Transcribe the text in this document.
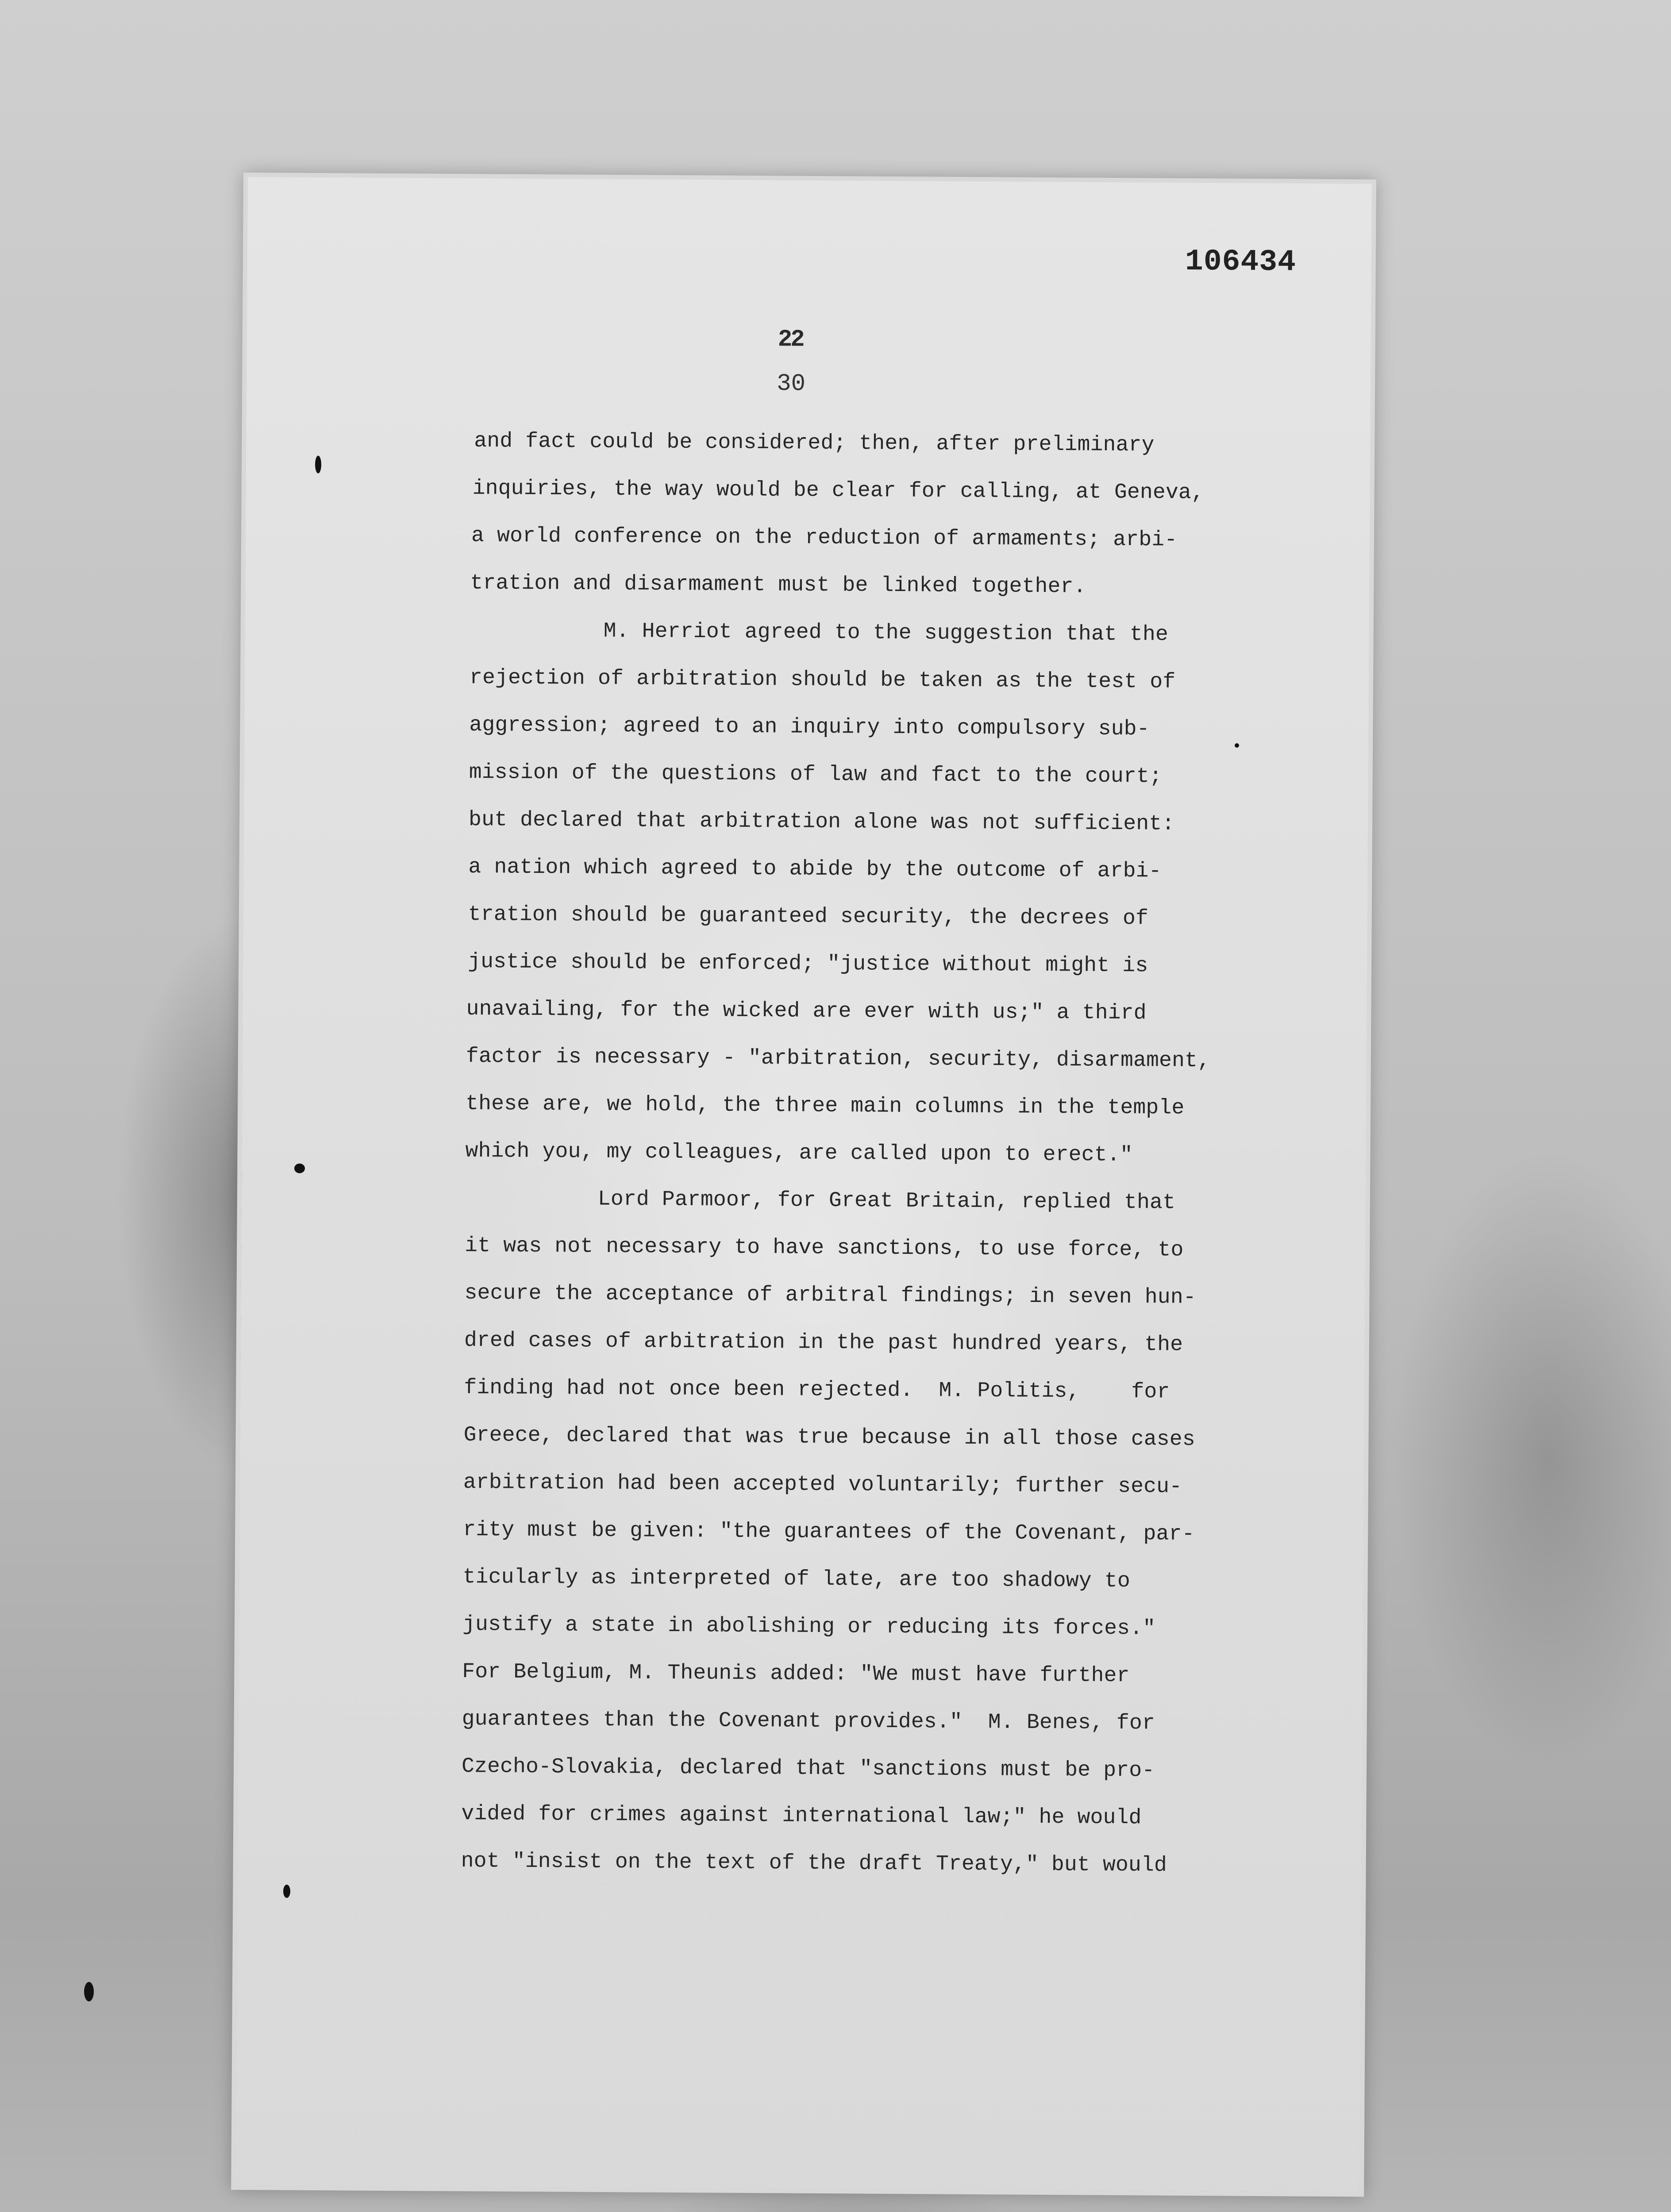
106434
22
30
and fact could be considered; then, after preliminary
inquiries, the way would be clear for calling, at Geneva,
a world conference on the reduction of armaments; arbi-
tration and disarmament must be linked together.
M. Herriot agreed to the suggestion that the
rejection of arbitration should be taken as the test of
aggression; agreed to an inquiry into compulsory sub-
mission of the questions of law and fact to the court;
but declared that arbitration alone was not sufficient:
a nation which agreed to abide by the outcome of arbi-
tration should be guaranteed security, the decrees of
justice should be enforced; "justice without might is
unavailing, for the wicked are ever with us;" a third
factor is necessary - "arbitration, security, disarmament,
these are, we hold, the three main columns in the temple
which you, my colleagues, are called upon to erect."
Lord Parmoor, for Great Britain, replied that
it was not necessary to have sanctions, to use force, to
secure the acceptance of arbitral findings; in seven hun-
dred cases of arbitration in the past hundred years, the
finding had not once been rejected.  M. Politis,    for
Greece, declared that was true because in all those cases
arbitration had been accepted voluntarily; further secu-
rity must be given: "the guarantees of the Covenant, par-
ticularly as interpreted of late, are too shadowy to
justify a state in abolishing or reducing its forces."
For Belgium, M. Theunis added: "We must have further
guarantees than the Covenant provides."  M. Benes, for
Czecho-Slovakia, declared that "sanctions must be pro-
vided for crimes against international law;" he would
not "insist on the text of the draft Treaty," but would
